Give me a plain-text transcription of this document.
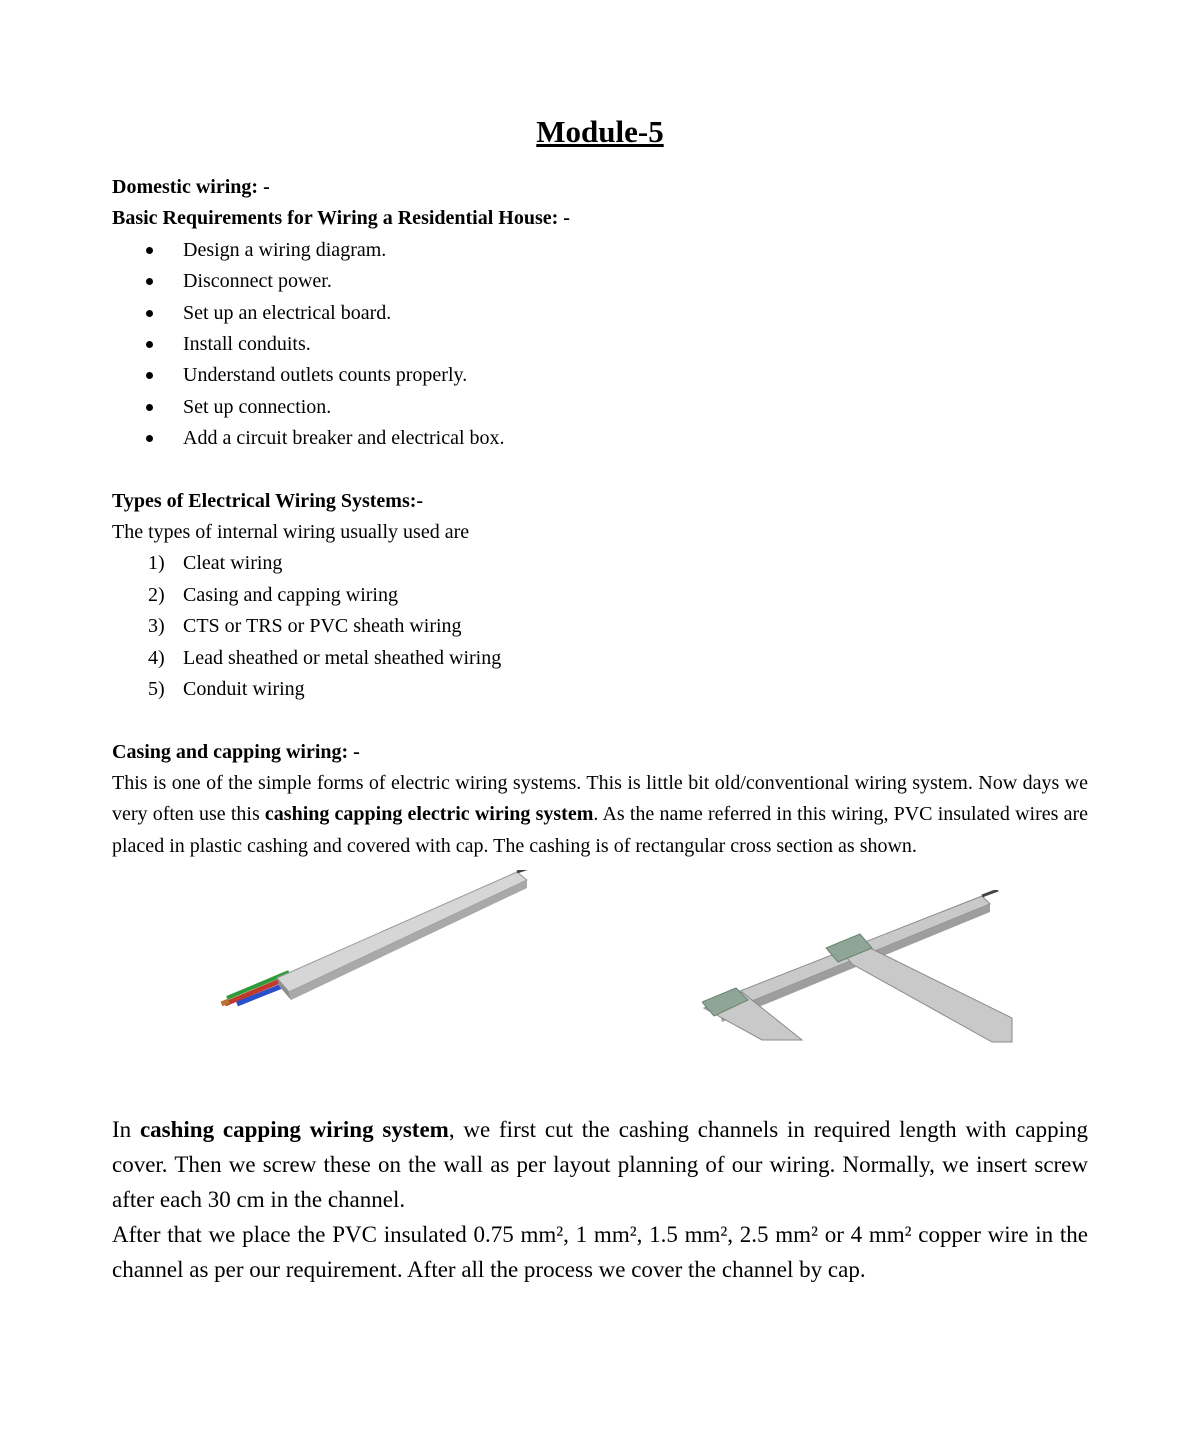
Module-5

Domestic wiring: -

Basic Requirements for Wiring a Residential House: -

Design a wiring diagram.
Disconnect power.
Set up an electrical board.
Install conduits.
Understand outlets counts properly.
Set up connection.
Add a circuit breaker and electrical box.

Types of Electrical Wiring Systems:-

The types of internal wiring usually used are

1) Cleat wiring
2) Casing and capping wiring
3) CTS or TRS or PVC sheath wiring
4) Lead sheathed or metal sheathed wiring
5) Conduit wiring

Casing and capping wiring: -

This is one of the simple forms of electric wiring systems. This is little bit old/conventional wiring system. Now days we very often use this cashing capping electric wiring system. As the name referred in this wiring, PVC insulated wires are placed in plastic cashing and covered with cap. The cashing is of rectangular cross section as shown.

In cashing capping wiring system, we first cut the cashing channels in required length with capping cover. Then we screw these on the wall as per layout planning of our wiring. Normally, we insert screw after each 30 cm in the channel.

After that we place the PVC insulated 0.75 mm², 1 mm², 1.5 mm², 2.5 mm² or 4 mm² copper wire in the channel as per our requirement. After all the process we cover the channel by cap.
